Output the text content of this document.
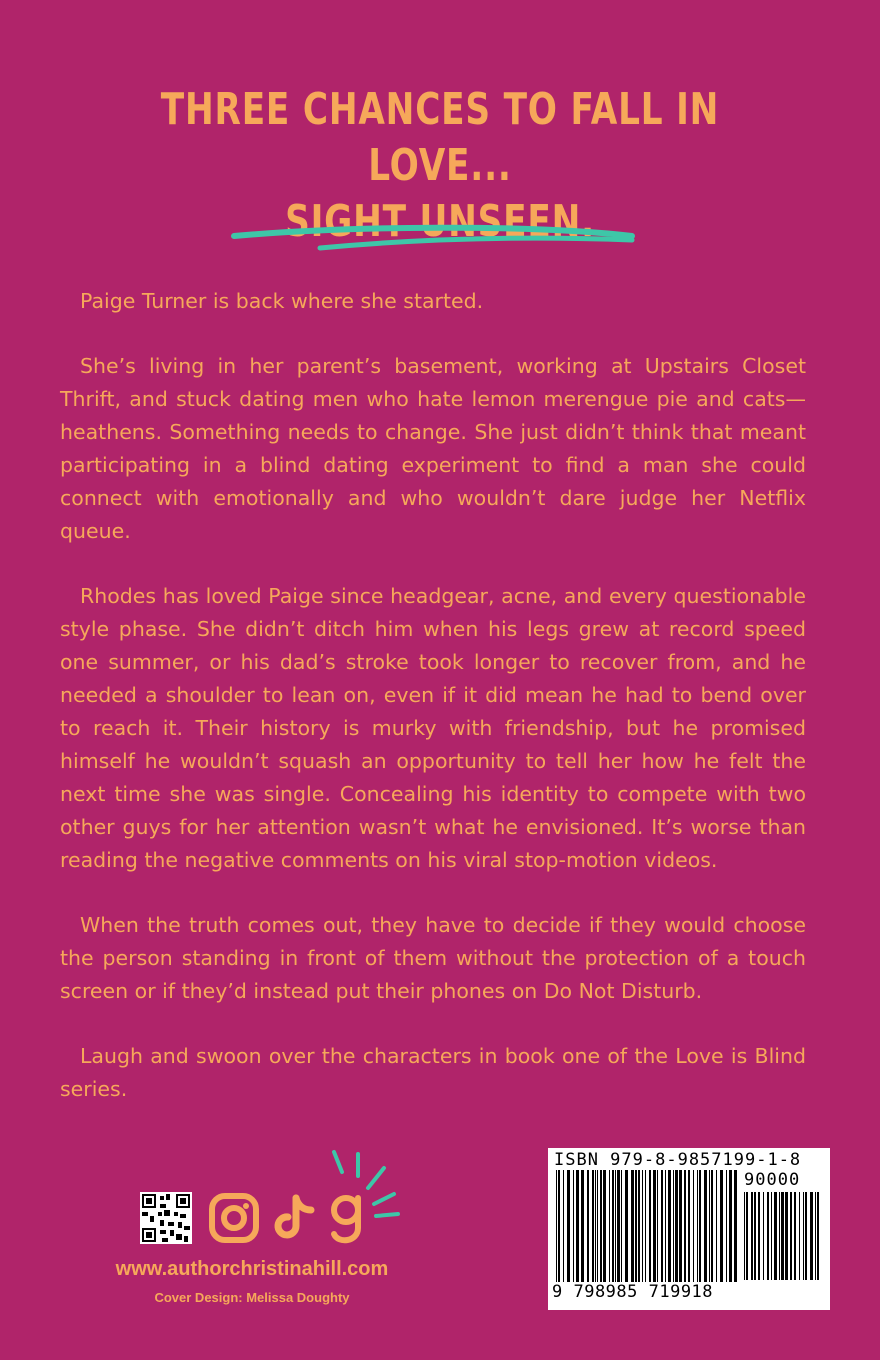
THREE CHANCES TO FALL IN LOVE...
SIGHT UNSEEN.

Paige Turner is back where she started.

She’s living in her parent’s basement, working at Upstairs Closet Thrift, and stuck dating men who hate lemon merengue pie and cats—heathens. Something needs to change. She just didn’t think that meant participating in a blind dating experiment to find a man she could connect with emotionally and who wouldn’t dare judge her Netflix queue.

Rhodes has loved Paige since headgear, acne, and every questionable style phase. She didn’t ditch him when his legs grew at record speed one summer, or his dad’s stroke took longer to recover from, and he needed a shoulder to lean on, even if it did mean he had to bend over to reach it. Their history is murky with friendship, but he promised himself he wouldn’t squash an opportunity to tell her how he felt the next time she was single. Concealing his identity to compete with two other guys for her attention wasn’t what he envisioned. It’s worse than reading the negative comments on his viral stop-motion videos.

When the truth comes out, they have to decide if they would choose the person standing in front of them without the protection of a touch screen or if they’d instead put their phones on Do Not Disturb.

Laugh and swoon over the characters in book one of the Love is Blind series.

www.authorchristinahill.com
Cover Design: Melissa Doughty
ISBN 979-8-9857199-1-8
90000
9 798985 719918
